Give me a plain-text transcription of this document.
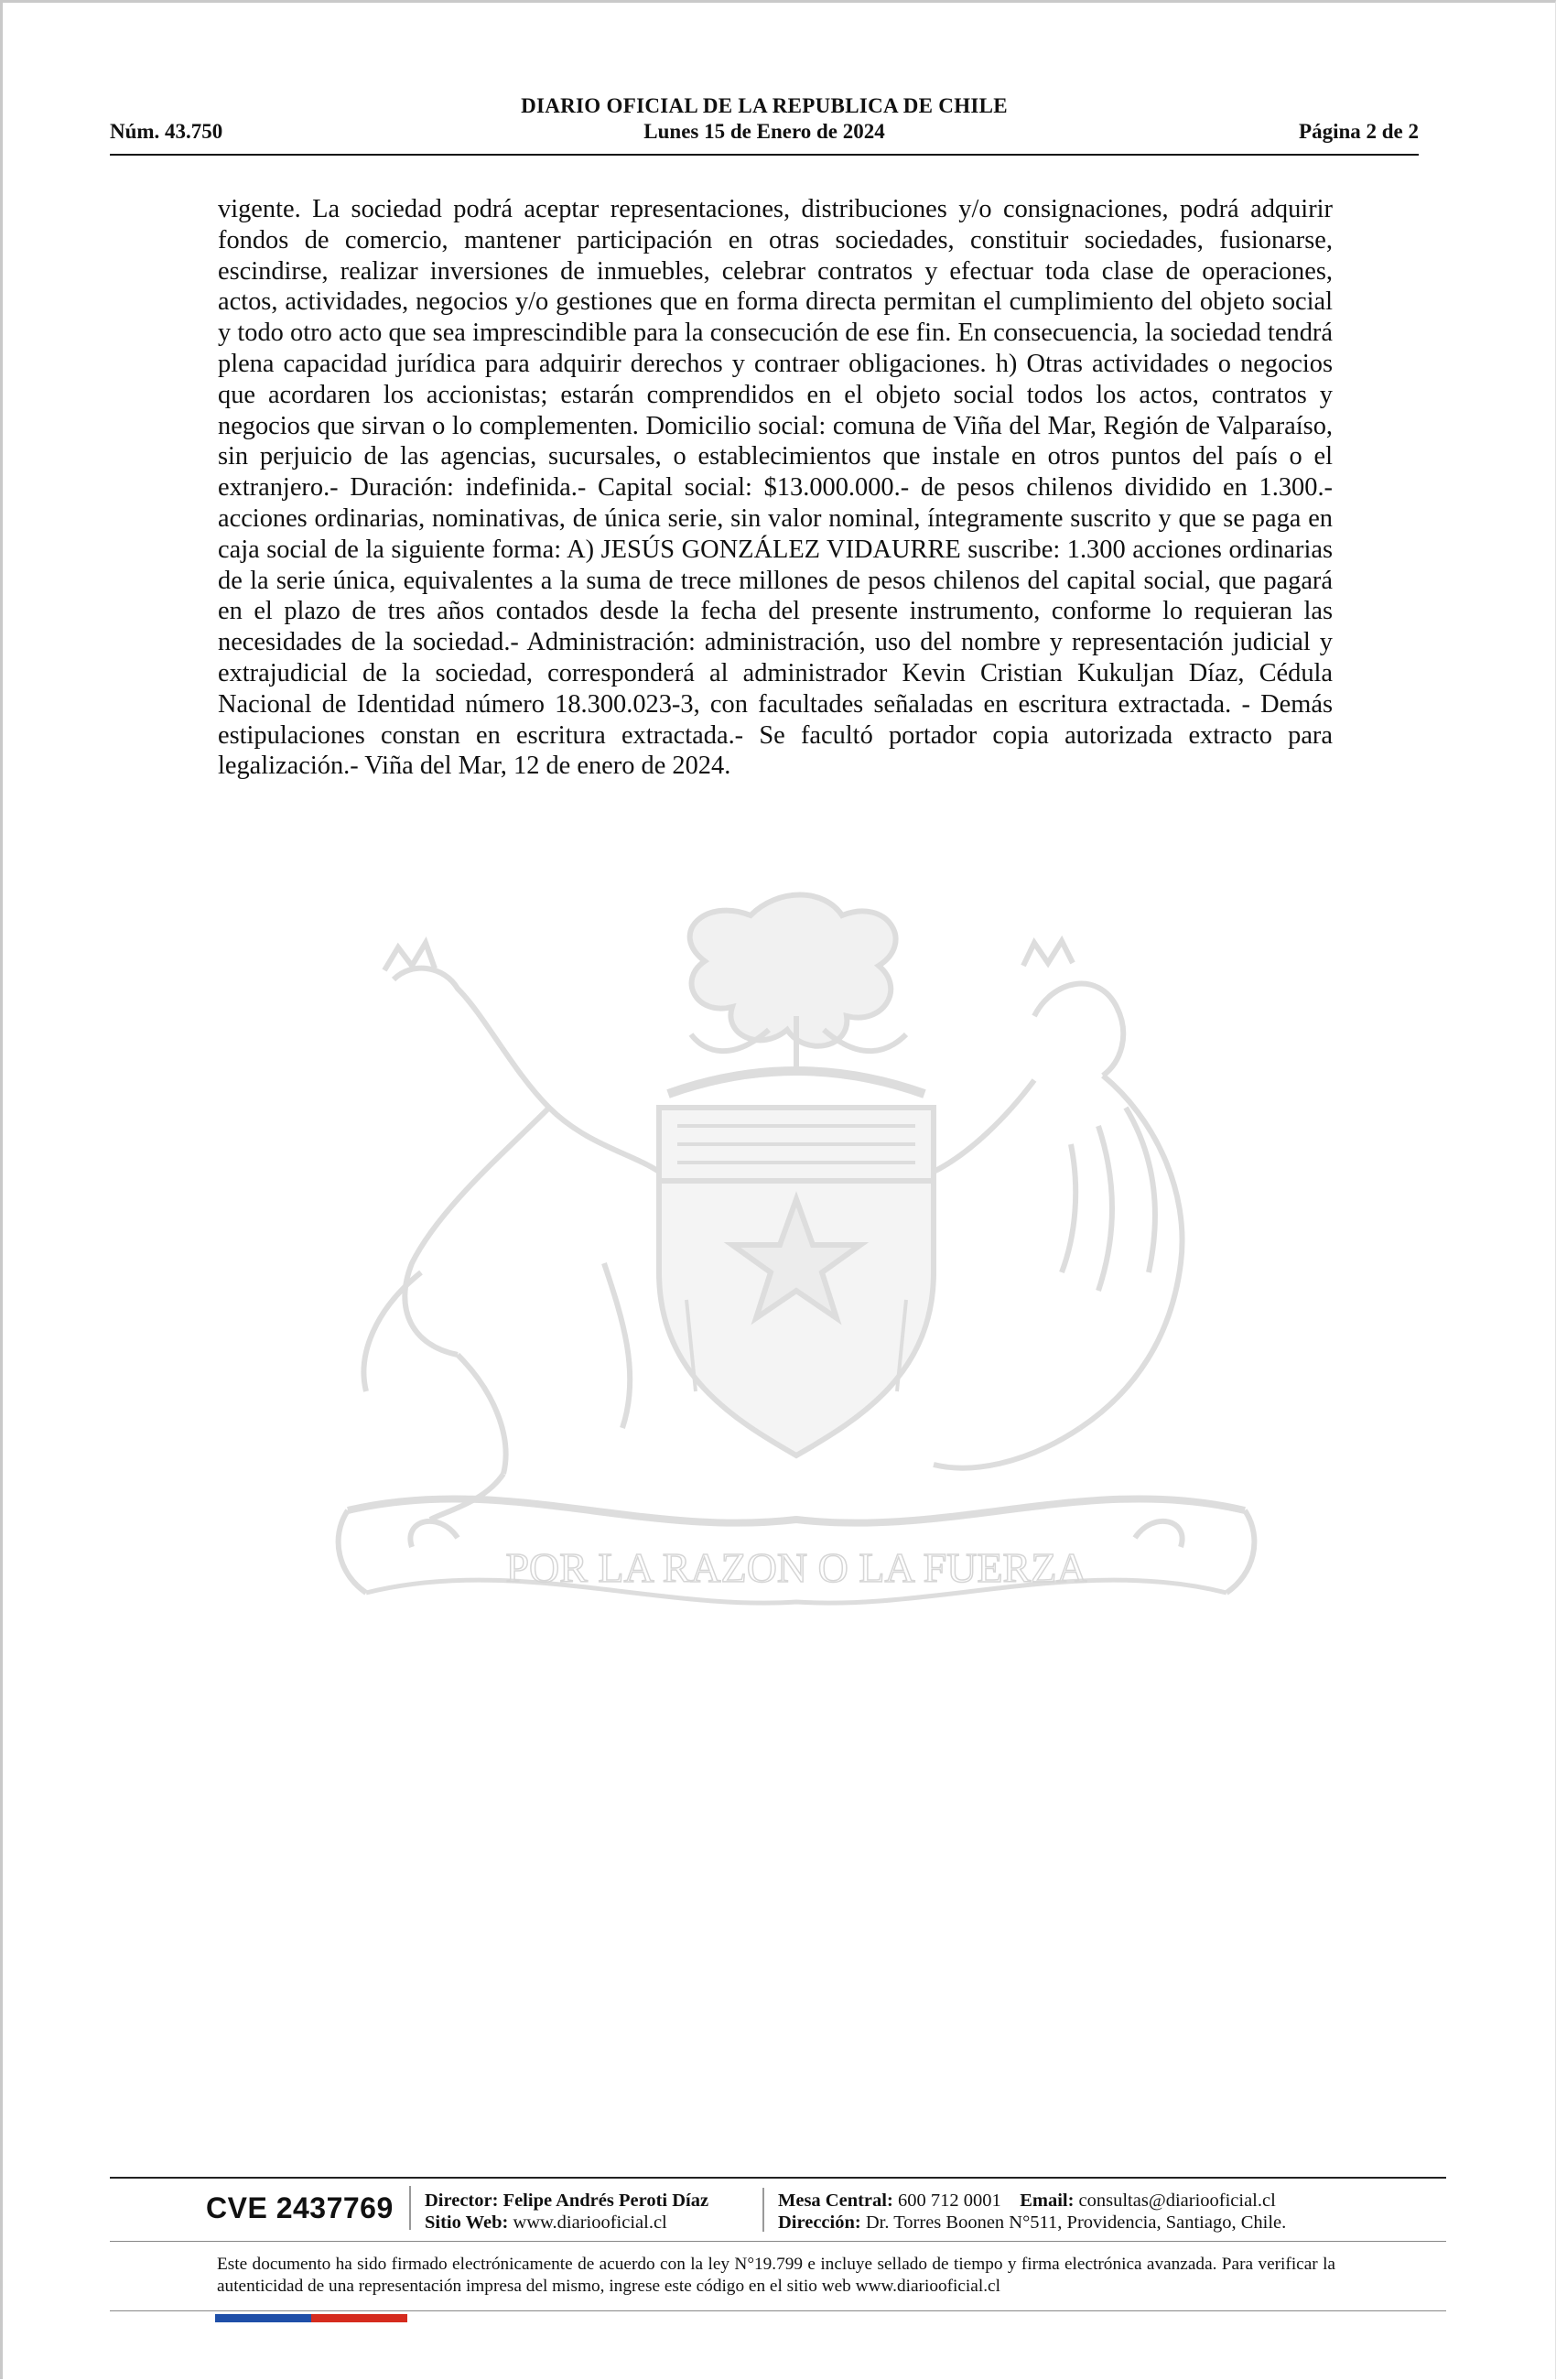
DIARIO OFICIAL DE LA REPUBLICA DE CHILE
Núm. 43.750	Lunes 15 de Enero de 2024	Página 2 de 2
POR LA RAZON O LA FUERZA
vigente. La sociedad podrá aceptar representaciones, distribuciones y/o consignaciones, podrá adquirir fondos de comercio, mantener participación en otras sociedades, constituir sociedades, fusionarse, escindirse, realizar inversiones de inmuebles, celebrar contratos y efectuar toda clase de operaciones, actos, actividades, negocios y/o gestiones que en forma directa permitan el cumplimiento del objeto social y todo otro acto que sea imprescindible para la consecución de ese fin. En consecuencia, la sociedad tendrá plena capacidad jurídica para adquirir derechos y contraer obligaciones. h) Otras actividades o negocios que acordaren los accionistas; estarán comprendidos en el objeto social todos los actos, contratos y negocios que sirvan o lo complementen. Domicilio social: comuna de Viña del Mar, Región de Valparaíso, sin perjuicio de las agencias, sucursales, o establecimientos que instale en otros puntos del país o el extranjero.- Duración: indefinida.- Capital social: $13.000.000.- de pesos chilenos dividido en 1.300.- acciones ordinarias, nominativas, de única serie, sin valor nominal, íntegramente suscrito y que se paga en caja social de la siguiente forma: A) JESÚS GONZÁLEZ VIDAURRE suscribe: 1.300 acciones ordinarias de la serie única, equivalentes a la suma de trece millones de pesos chilenos del capital social, que pagará en el plazo de tres años contados desde la fecha del presente instrumento, conforme lo requieran las necesidades de la sociedad.- Administración: administración, uso del nombre y representación judicial y extrajudicial de la sociedad, corresponderá al administrador Kevin Cristian Kukuljan Díaz, Cédula Nacional de Identidad número 18.300.023-3, con facultades señaladas en escritura extractada. - Demás estipulaciones constan en escritura extractada.- Se facultó portador copia autorizada extracto para legalización.- Viña del Mar, 12 de enero de 2024.
CVE 2437769	Director: Felipe Andrés Peroti Díaz
Sitio Web: www.diariooficial.cl
Mesa Central: 600 712 0001 Email: consultas@diariooficial.cl
Dirección: Dr. Torres Boonen N°511, Providencia, Santiago, Chile.
Este documento ha sido firmado electrónicamente de acuerdo con la ley N°19.799 e incluye sellado de tiempo y firma electrónica avanzada. Para verificar la autenticidad de una representación impresa del mismo, ingrese este código en el sitio web www.diariooficial.cl
